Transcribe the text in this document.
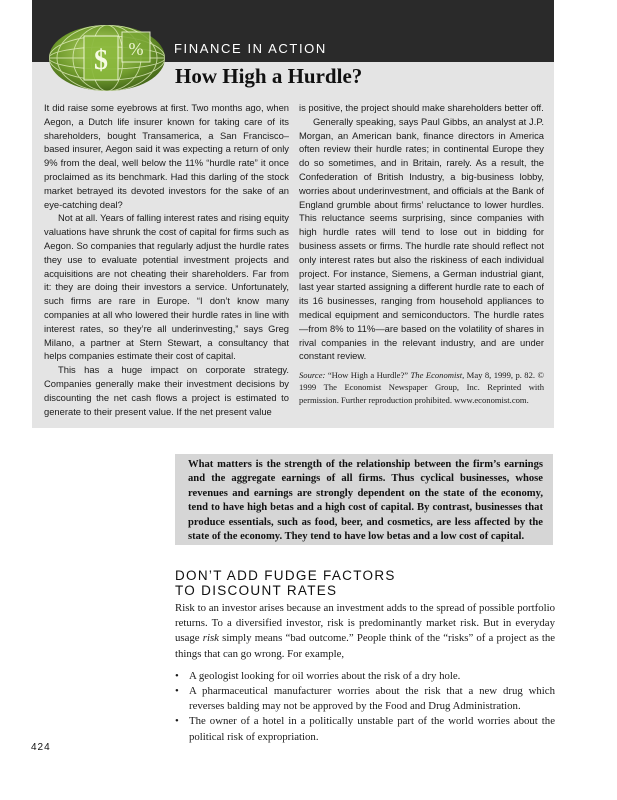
$ % FINANCE IN ACTION
How High a Hurdle?

It did raise some eyebrows at first. Two months ago, when Aegon, a Dutch life insurer known for taking care of its shareholders, bought Transamerica, a San Francisco–based insurer, Aegon said it was expecting a return of only 9% from the deal, well below the 11% “hurdle rate” it once proclaimed as its benchmark. Had this darling of the stock market betrayed its devoted investors for the sake of an eye-catching deal?

Not at all. Years of falling interest rates and rising equity valuations have shrunk the cost of capital for firms such as Aegon. So companies that regularly adjust the hurdle rates they use to evaluate potential investment projects and acquisitions are not cheating their shareholders. Far from it: they are doing their investors a service. Unfortunately, such firms are rare in Europe. “I don’t know many companies at all who lowered their hurdle rates in line with interest rates, so they’re all underinvesting,” says Greg Milano, a partner at Stern Stewart, a consultancy that helps companies estimate their cost of capital.

This has a huge impact on corporate strategy. Companies generally make their investment decisions by discounting the net cash flows a project is estimated to generate to their present value. If the net present value

is positive, the project should make shareholders better off.

Generally speaking, says Paul Gibbs, an analyst at J.P. Morgan, an American bank, finance directors in America often review their hurdle rates; in continental Europe they do so sometimes, and in Britain, rarely. As a result, the Confederation of British Industry, a big-business lobby, worries about underinvestment, and officials at the Bank of England grumble about firms’ reluctance to lower hurdles. This reluctance seems surprising, since companies with high hurdle rates will tend to lose out in bidding for business assets or firms. The hurdle rate should reflect not only interest rates but also the riskiness of each individual project. For instance, Siemens, a German industrial giant, last year started assigning a different hurdle rate to each of its 16 businesses, ranging from household appliances to medical equipment and semiconductors. The hurdle rates—from 8% to 11%—are based on the volatility of shares in rival companies in the relevant industry, and are under constant review.

Source: “How High a Hurdle?” The Economist, May 8, 1999, p. 82. © 1999 The Economist Newspaper Group, Inc. Reprinted with permission. Further reproduction prohibited. www.economist.com.

What matters is the strength of the relationship between the firm’s earnings and the aggregate earnings of all firms. Thus cyclical businesses, whose revenues and earnings are strongly dependent on the state of the economy, tend to have high betas and a high cost of capital. By contrast, businesses that produce essentials, such as food, beer, and cosmetics, are less affected by the state of the economy. They tend to have low betas and a low cost of capital.
DON’T ADD FUDGE FACTORS
TO DISCOUNT RATES

Risk to an investor arises because an investment adds to the spread of possible portfolio returns. To a diversified investor, risk is predominantly market risk. But in everyday usage risk simply means “bad outcome.” People think of the “risks” of a project as the things that can go wrong. For example,

• A geologist looking for oil worries about the risk of a dry hole.
• A pharmaceutical manufacturer worries about the risk that a new drug which reverses balding may not be approved by the Food and Drug Administration.
• The owner of a hotel in a politically unstable part of the world worries about the political risk of expropriation.
424
